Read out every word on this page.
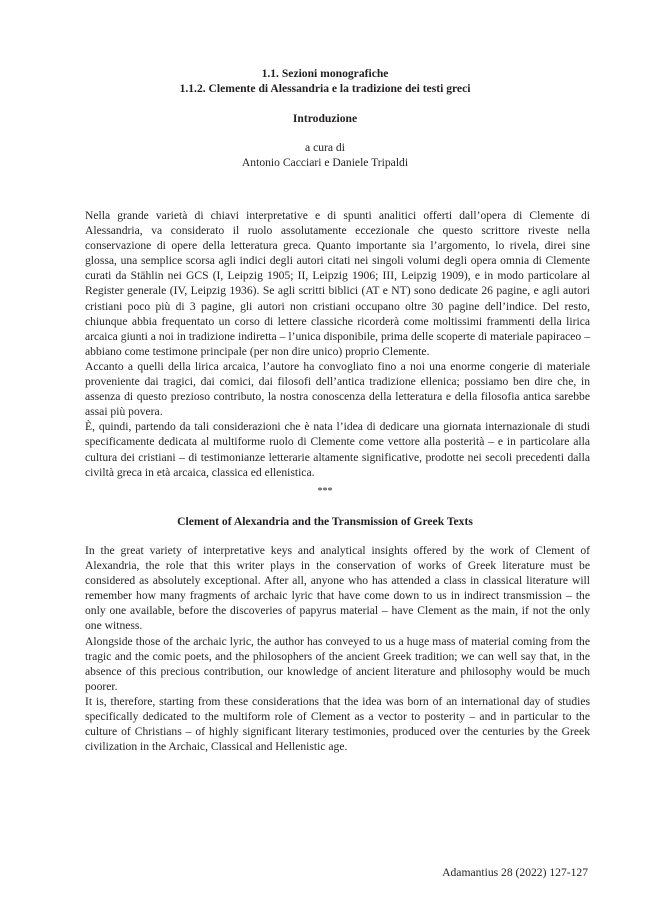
1.1. Sezioni monografiche
1.1.2. Clemente di Alessandria e la tradizione dei testi greci
Introduzione
a cura di
Antonio Cacciari e Daniele Tripaldi

Nella grande varietà di chiavi interpretative e di spunti analitici offerti dall’opera di Clemente di Alessandria, va considerato il ruolo assolutamente eccezionale che questo scrittore riveste nella conservazione di opere della letteratura greca. Quanto importante sia l’argomento, lo rivela, direi sine glossa, una semplice scorsa agli indici degli autori citati nei singoli volumi degli opera omnia di Clemente curati da Stählin nei GCS (I, Leipzig 1905; II, Leipzig 1906; III, Leipzig 1909), e in modo particolare al Register generale (IV, Leipzig 1936). Se agli scritti biblici (AT e NT) sono dedicate 26 pagine, e agli autori cristiani poco più di 3 pagine, gli autori non cristiani occupano oltre 30 pagine dell’indice. Del resto, chiunque abbia frequentato un corso di lettere classiche ricorderà come moltissimi frammenti della lirica arcaica giunti a noi in tradizione indiretta – l’unica disponibile, prima delle scoperte di materiale papiraceo – abbiano come testimone principale (per non dire unico) proprio Clemente.

Accanto a quelli della lirica arcaica, l’autore ha convogliato fino a noi una enorme congerie di materiale proveniente dai tragici, dai comici, dai filosofi dell’antica tradizione ellenica; possiamo ben dire che, in assenza di questo prezioso contributo, la nostra conoscenza della letteratura e della filosofia antica sarebbe assai più povera.

È, quindi, partendo da tali considerazioni che è nata l’idea di dedicare una giornata internazionale di studi specificamente dedicata al multiforme ruolo di Clemente come vettore alla posterità – e in particolare alla cultura dei cristiani – di testimonianze letterarie altamente significative, prodotte nei secoli precedenti dalla civiltà greca in età arcaica, classica ed ellenistica.

***
Clement of Alexandria and the Transmission of Greek Texts

In the great variety of interpretative keys and analytical insights offered by the work of Clement of Alexandria, the role that this writer plays in the conservation of works of Greek literature must be considered as absolutely exceptional. After all, anyone who has attended a class in classical literature will remember how many fragments of archaic lyric that have come down to us in indirect transmission – the only one available, before the discoveries of papyrus material – have Clement as the main, if not the only one witness.

Alongside those of the archaic lyric, the author has conveyed to us a huge mass of material coming from the tragic and the comic poets, and the philosophers of the ancient Greek tradition; we can well say that, in the absence of this precious contribution, our knowledge of ancient literature and philosophy would be much poorer.

It is, therefore, starting from these considerations that the idea was born of an international day of studies specifically dedicated to the multiform role of Clement as a vector to posterity – and in particular to the culture of Christians – of highly significant literary testimonies, produced over the centuries by the Greek civilization in the Archaic, Classical and Hellenistic age.

Adamantius 28 (2022) 127-127
